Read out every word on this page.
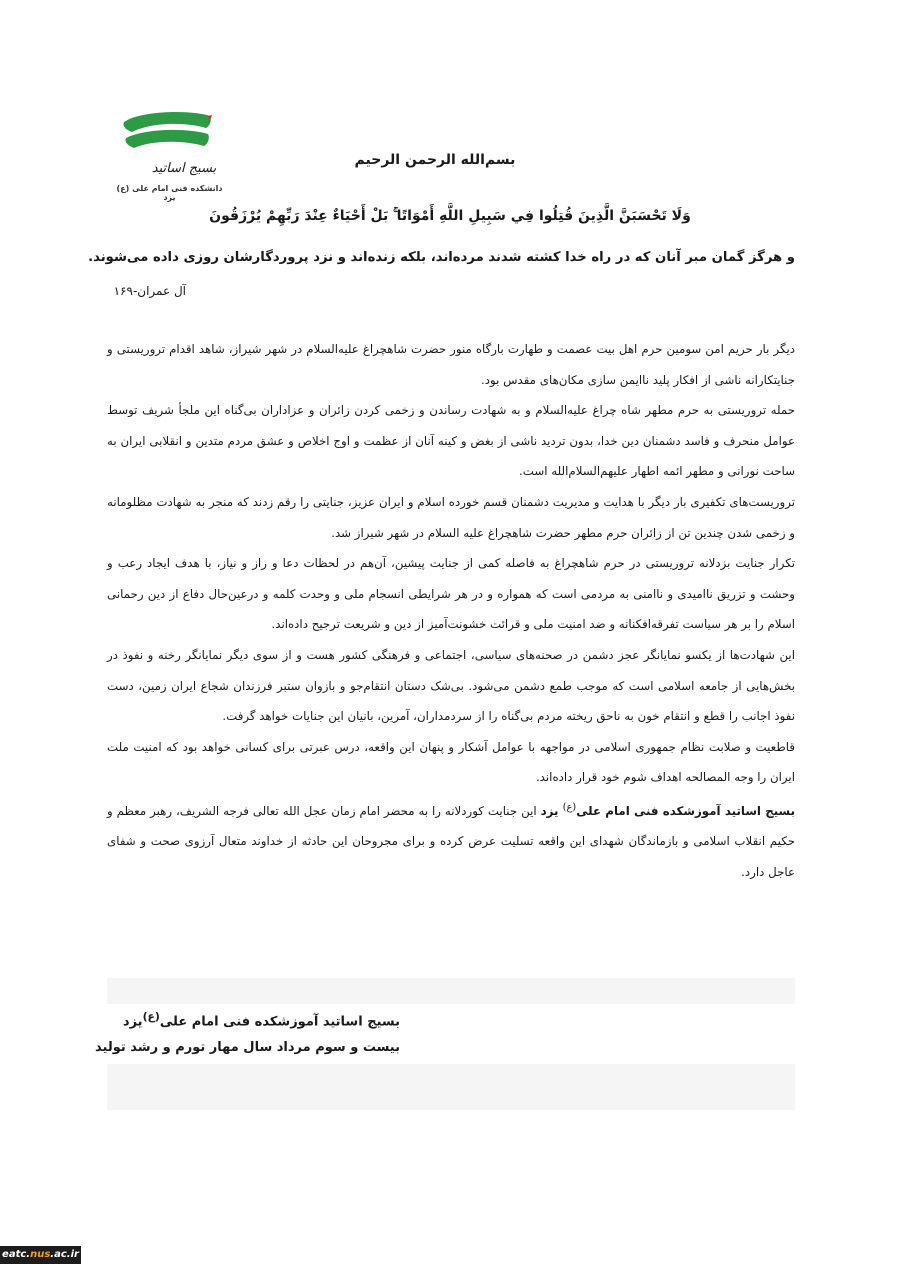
بسیج اساتید
دانشکده فنی امام علی (ع) یزد
بسم‌الله الرحمن الرحیم
وَلَا تَحْسَبَنَّ الَّذِينَ قُتِلُوا فِي سَبِيلِ اللَّهِ أَمْوَاتًا ۚ بَلْ أَحْيَاءٌ عِنْدَ رَبِّهِمْ يُرْزَقُونَ
و هرگز گمان مبر آنان که در راه خدا کشته شدند مرده‌اند، بلکه زنده‌اند و نزد پروردگارشان روزی داده می‌شوند.
آل عمران-۱۶۹

دیگر بار حریم امن سومین حرم اهل بیت عصمت و طهارت بارگاه منور حضرت شاهچراغ علیه‌السلام در شهر شیراز، شاهد اقدام تروریستی و جنایتکارانه ناشی از افکار پلید ناایمن سازی مکان‌های مقدس بود.

حمله تروریستی به حرم مطهر شاه چراغ علیه‌السلام و به شهادت رساندن و زخمی کردن زائران و عزاداران بی‌گناه این ملجأ شریف توسط عوامل منحرف و فاسد دشمنان دین خدا، بدون تردید ناشی از بغض و کینه آنان از عظمت و اوج اخلاص و عشق مردم متدین و انقلابی ایران به ساحت نورانی و مطهر ائمه اطهار علیهم‌السلام‌الله است.

تروریست‌های تکفیری بار دیگر با هدایت و مدیریت دشمنان قسم خورده اسلام و ایران عزیز، جنایتی را رقم زدند که منجر به شهادت مظلومانه و زخمی شدن چندین تن از زائران حرم مطهر حضرت شاهچراغ علیه السلام در شهر شیراز شد.

تکرار جنایت بزدلانه تروریستی در حرم شاهچراغ به فاصله کمی از جنایت پیشین، آن‌هم در لحظات دعا و راز و نیاز، با هدف ایجاد رعب و وحشت و تزریق ناامیدی و ناامنی به مردمی است که همواره و در هر شرایطی انسجام ملی و وحدت کلمه و درعین‌حال دفاع از دین رحمانی اسلام را بر هر سیاست تفرقه‌افکنانه و ضد امنیت ملی و قرائت خشونت‌آمیز از دین و شریعت ترجیح داده‌اند.

این شهادت‌ها از یکسو نمایانگر عجز دشمن در صحنه‌های سیاسی، اجتماعی و فرهنگی کشور هست و از سوی دیگر نمایانگر رخنه و نفوذ در بخش‌هایی از جامعه اسلامی است که موجب طمع دشمن می‌شود. بی‌شک دستان انتقام‌جو و بازوان ستبر فرزندان شجاع ایران زمین، دست نفوذ اجانب را قطع و انتقام خون به ناحق ریخته مردم بی‌گناه را از سردمداران، آمرین، بانیان این جنایات خواهد گرفت.

قاطعیت و صلابت نظام جمهوری اسلامی در مواجهه با عوامل آشکار و پنهان این واقعه، درس عبرتی برای کسانی خواهد بود که امنیت ملت ایران را وجه المصالحه اهداف شوم خود قرار داده‌اند.

بسیج اساتید آموزشکده فنی امام علی$^{(ع)}$ یزد این جنایت کوردلانه را به محضر امام زمان عجل الله تعالی فرجه الشریف، رهبر معظم و حکیم انقلاب اسلامی و بازماندگان شهدای این واقعه تسلیت عرض کرده و برای مجروحان این حادثه از خداوند متعال آرزوی صحت و شفای عاجل دارد.

بسیج اساتید آموزشکده فنی امام علی$^{(ع)}$یزد
بیست و سوم مرداد سال مهار تورم و رشد تولید
eatc.nus.ac.ir
